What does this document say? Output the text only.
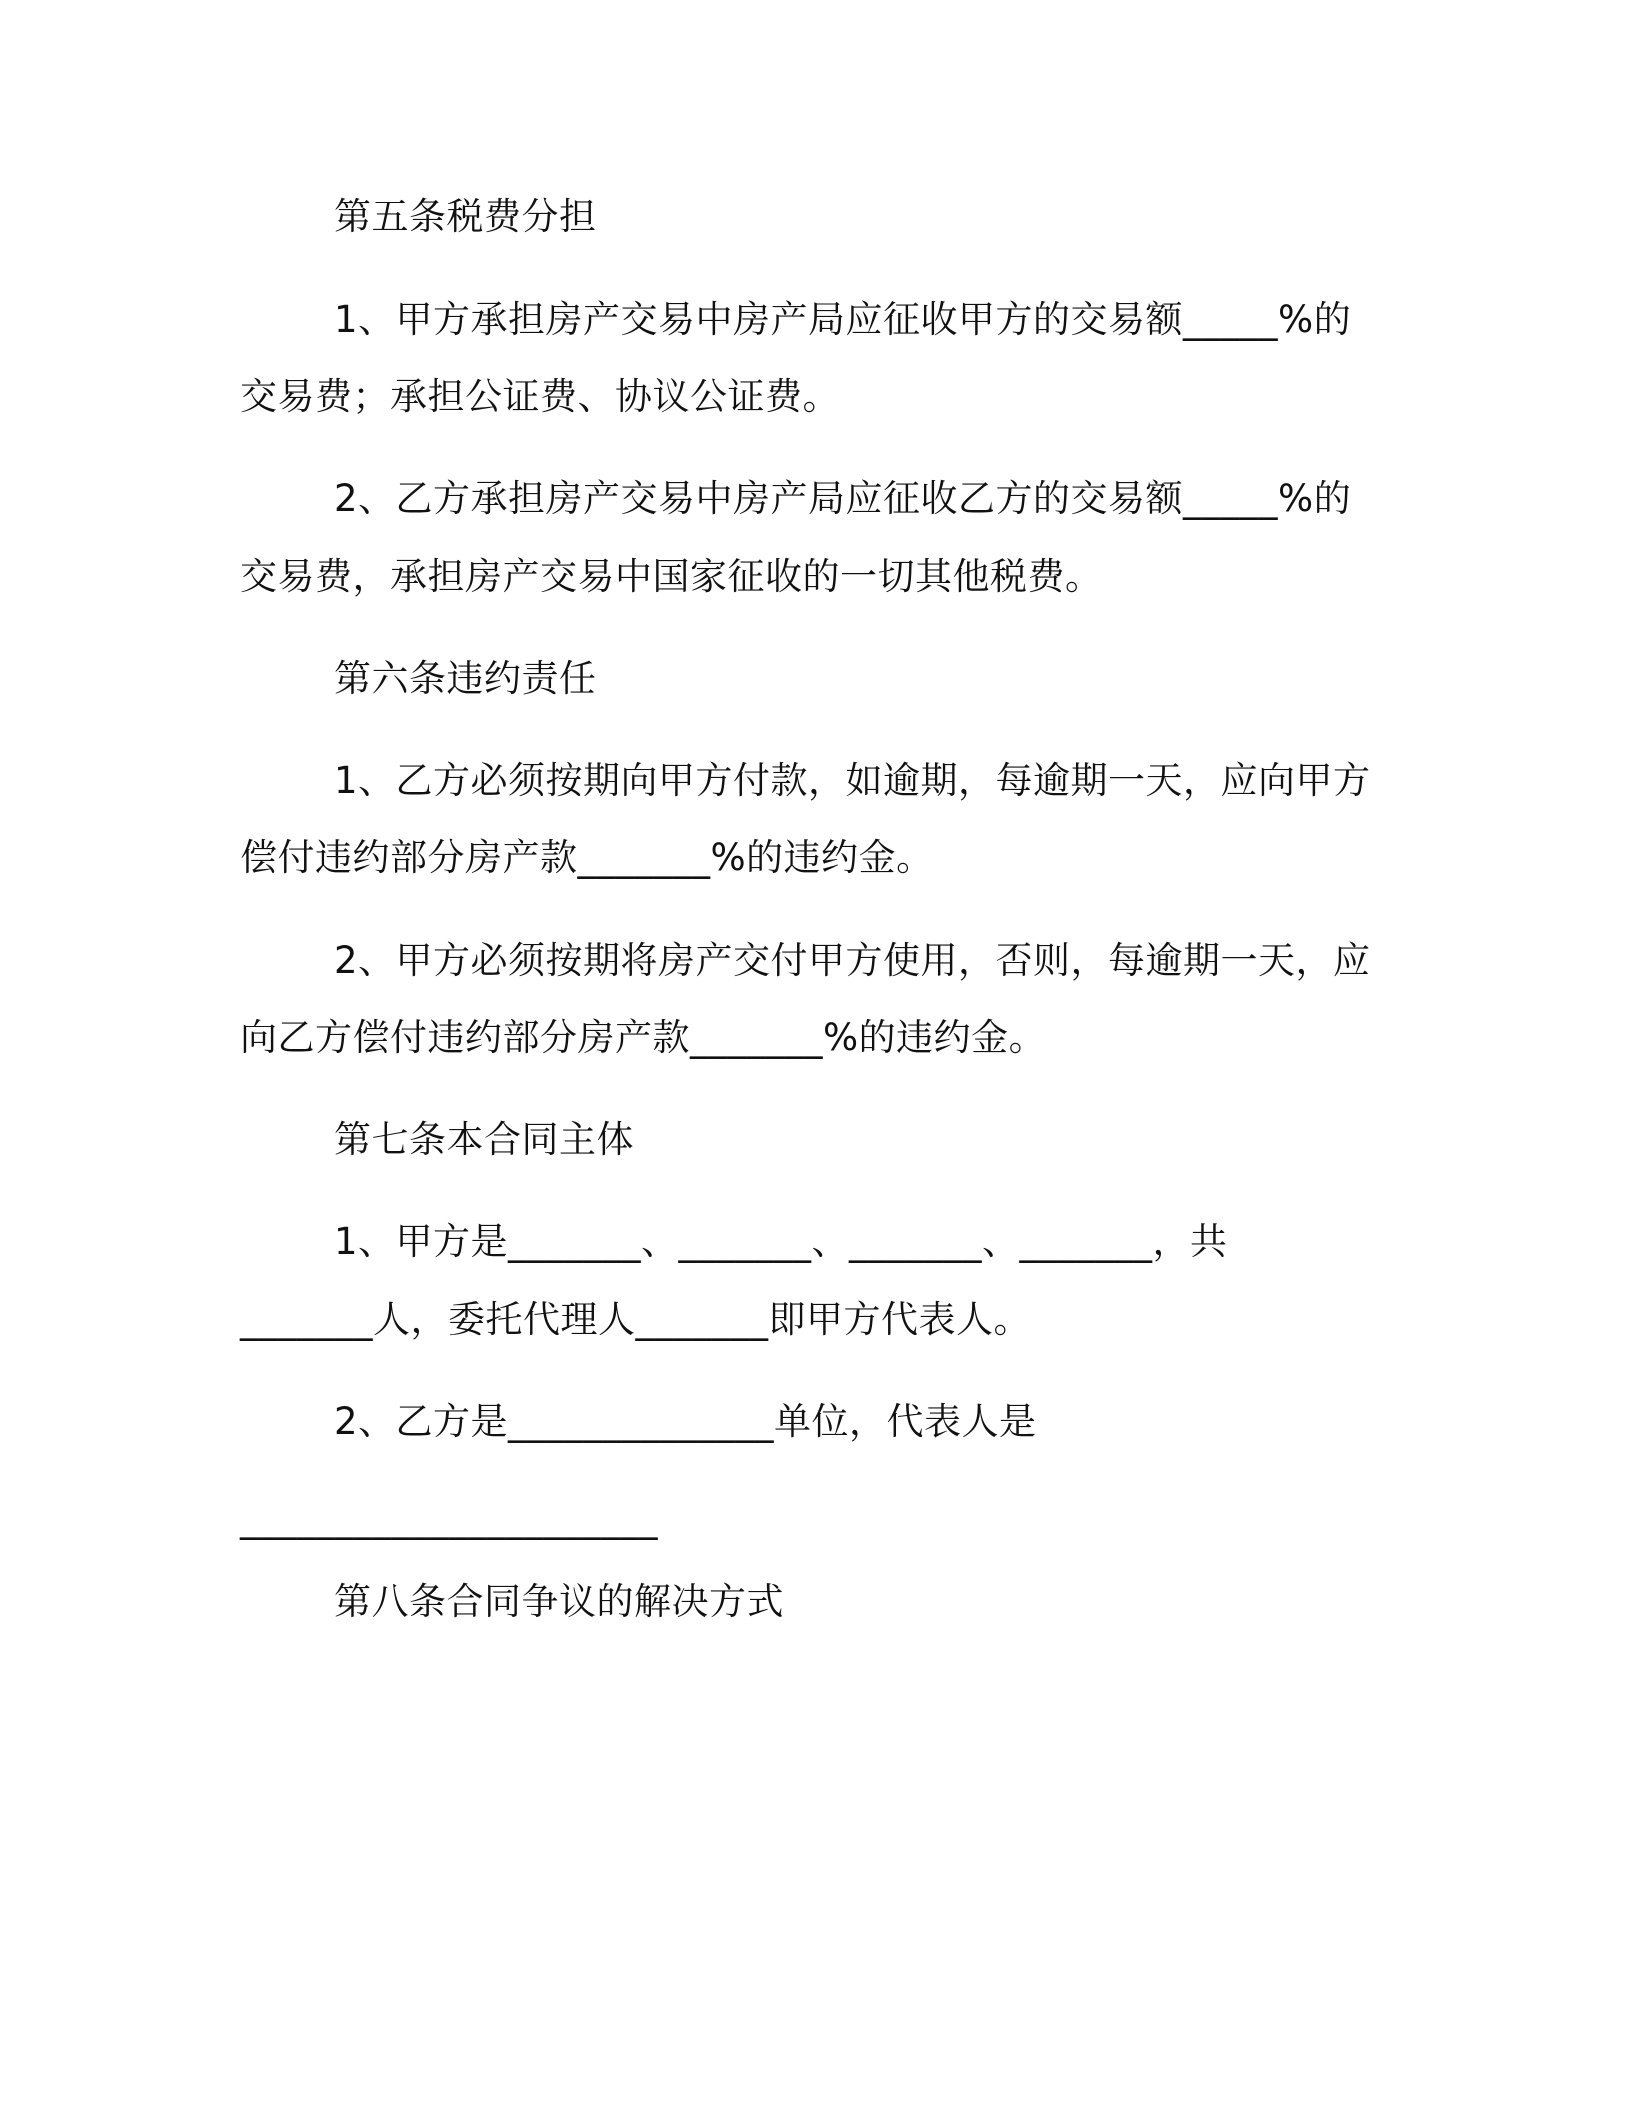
第五条税费分担
1、甲方承担房产交易中房产局应征收甲方的交易额_____%的
交易费；承担公证费、协议公证费。
2、乙方承担房产交易中房产局应征收乙方的交易额_____%的
交易费，承担房产交易中国家征收的一切其他税费。
第六条违约责任
1、乙方必须按期向甲方付款，如逾期，每逾期一天，应向甲方
偿付违约部分房产款_______%的违约金。
2、甲方必须按期将房产交付甲方使用，否则，每逾期一天，应
向乙方偿付违约部分房产款_______%的违约金。
第七条本合同主体
1、甲方是_______、_______、_______、_______，共
_______人，委托代理人_______即甲方代表人。
2、乙方是______________单位，代表人是
______________________
第八条合同争议的解决方式
